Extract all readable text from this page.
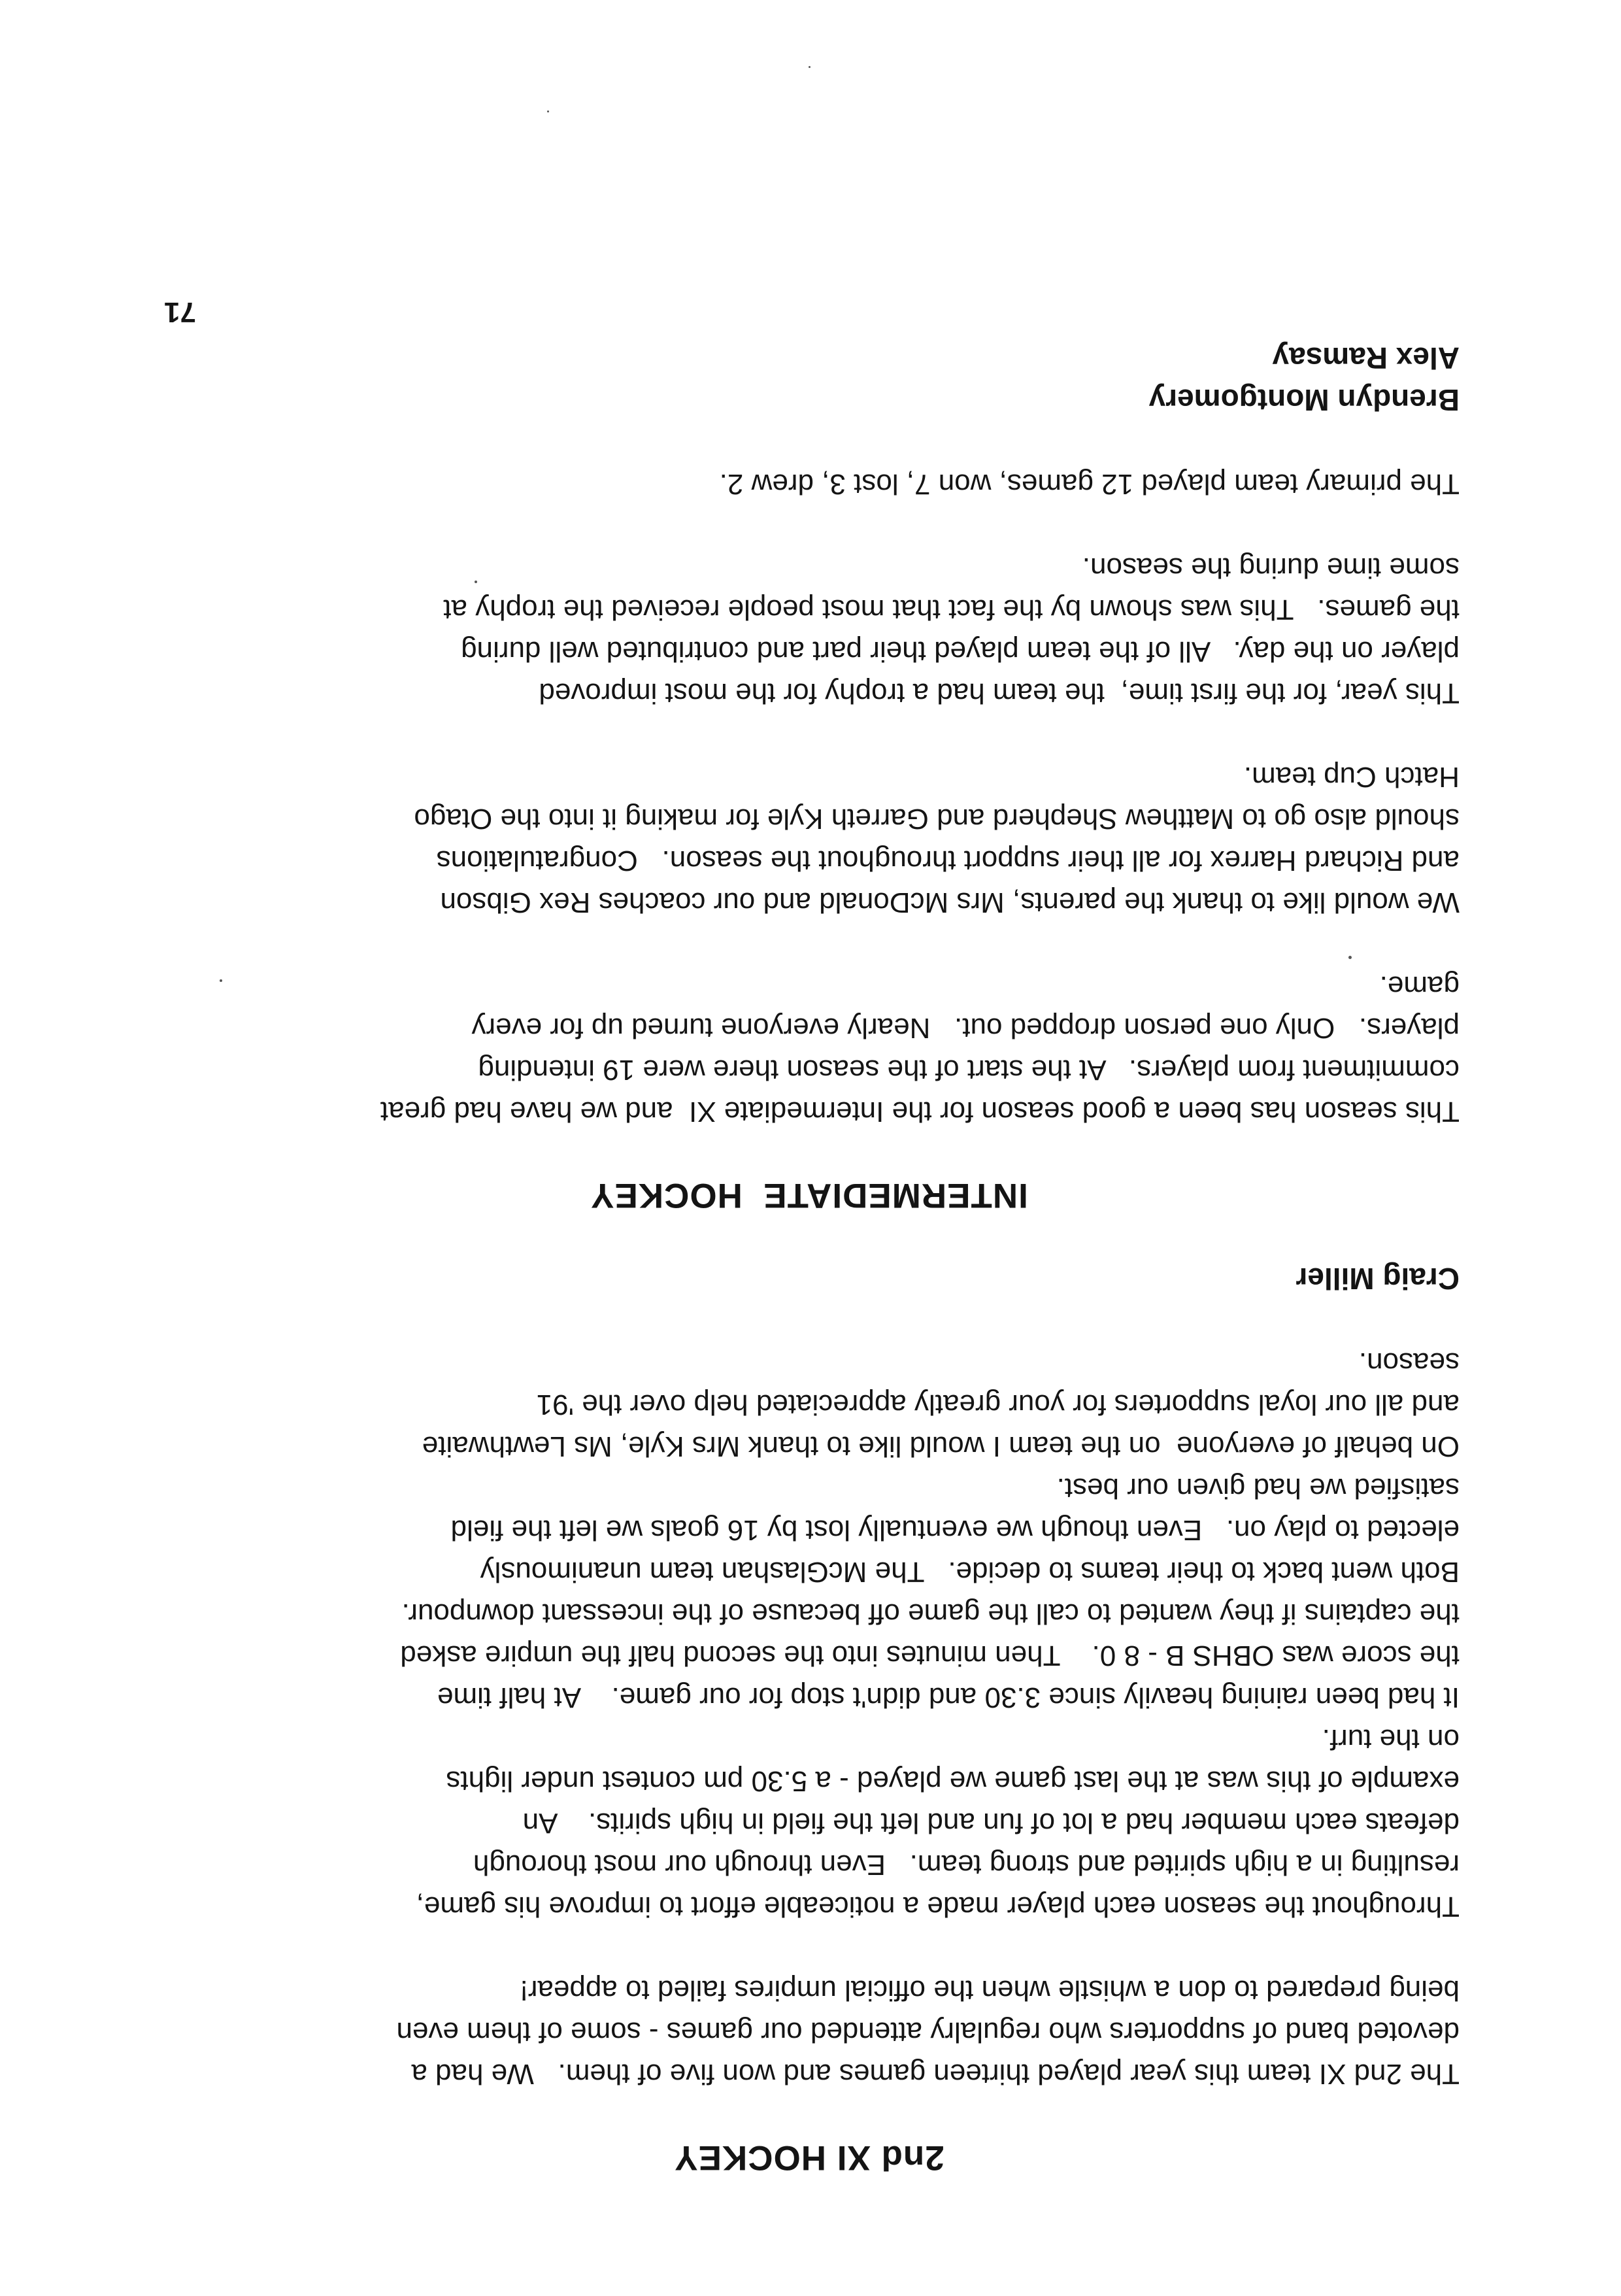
2nd XI HOCKEY

The 2nd XI team this year played thirteen games and won five of them.   We had a

devoted band of supporters who regulalry attended our games - some of them even

being prepared to don a whistle when the official umpires failed to appear!

Throughout the season each player made a noticeable effort to improve his game,

resulting in a high spirited and strong team.   Even through our most thorough

defeats each member had a lot of fun and left the field in high spirits.    An

example of this was at the last game we played - a 5.30 pm contest under lights

on the turf.

It had been raining heavily since 3.30 and didn't stop for our game.    At half time

the score was OBHS B - 8 0.    Then minutes into the second half the umpire asked

the captains if they wanted to call the game off because of the incessant downpour.

Both went back to their teams to decide.   The McGlashan team unanimously

elected to play on.   Even though we eventually lost by 16 goals we left the field

satisfied we had given our best.

On behalf of everyone  on the team I would like to thank Mrs Kyle, Ms Lewthwaite

and all our loyal supporters for your greatly appreciated help over the '91

season.

Craig Miller

INTERMEDIATE  HOCKEY

This season has been a good season for the Intermediate XI  and we have had great

commitment from players.   At the start of the season there were 19 intending

players.   Only one person dropped out.   Nearly everyone turned up for every

game.

We would like to thank the parents, Mrs McDonald and our coaches Rex Gibson

and Richard Harrex for all their support throughout the season.   Congratulations

should also go to Matthew Shepherd and Garreth Kyle for making it into the Otago

Hatch Cup team.

This year, for the first time,  the team had a trophy for the most improved

player on the day.   All of the team played their part and contributed well during

the games.   This was shown by the fact that most people received the trophy at

some time during the season.

The primary team played 12 games, won 7, lost 3, drew 2.

Brendyn Montgomery

Alex Ramsay

71
